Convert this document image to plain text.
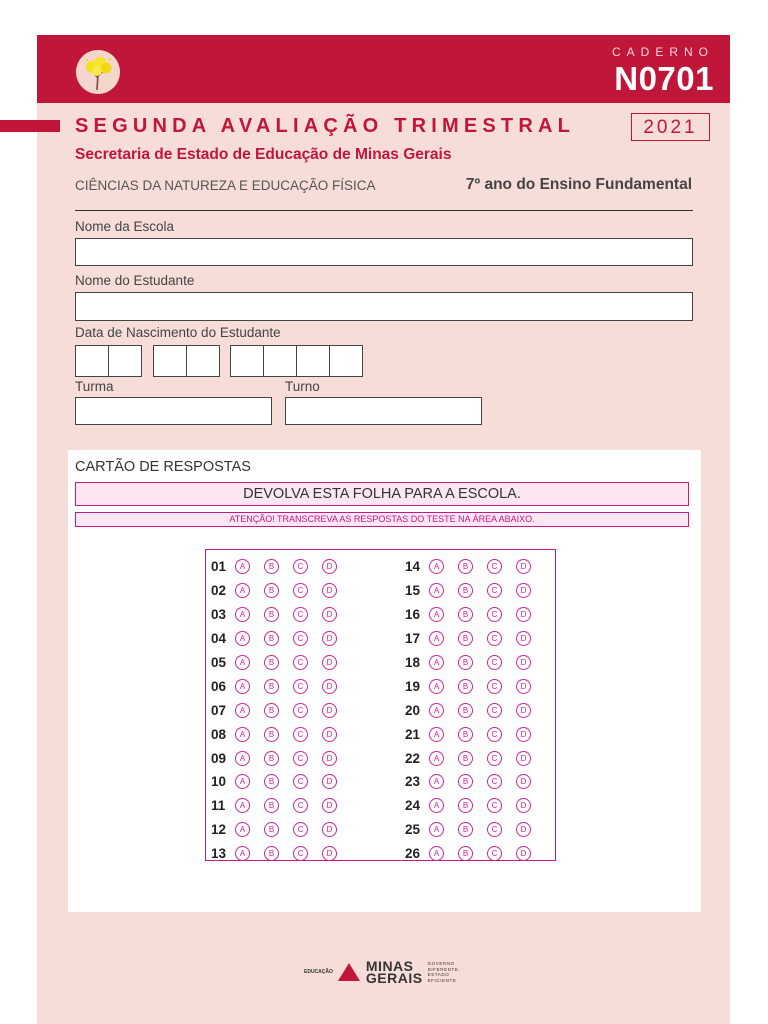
CADERNO
N0701
SEGUNDA AVALIAÇÃO TRIMESTRAL	2021
Secretaria de Estado de Educação de Minas Gerais
CIÊNCIAS DA NATUREZA E EDUCAÇÃO FÍSICA	7º ano do Ensino Fundamental
Nome da Escola
Nome do Estudante
Data de Nascimento do Estudante
Turma	Turno
CARTÃO DE RESPOSTAS
DEVOLVA ESTA FOLHA PARA A ESCOLA.
ATENÇÃO! TRANSCREVA AS RESPOSTAS DO TESTE NA ÁREA ABAIXO.
01	A	B	C	D
02	A	B	C	D
03	A	B	C	D
04	A	B	C	D
05	A	B	C	D
06	A	B	C	D
07	A	B	C	D
08	A	B	C	D
09	A	B	C	D
10	A	B	C	D
11	A	B	C	D
12	A	B	C	D
13	A	B	C	D
14	A	B	C	D
15	A	B	C	D
16	A	B	C	D
17	A	B	C	D
18	A	B	C	D
19	A	B	C	D
20	A	B	C	D
21	A	B	C	D
22	A	B	C	D
23	A	B	C	D
24	A	B	C	D
25	A	B	C	D
26	A	B	C	D
EDUCAÇÃO MINAS
GERAIS
GOVERNO
DIFERENTE.
ESTADO
EFICIENTE.
